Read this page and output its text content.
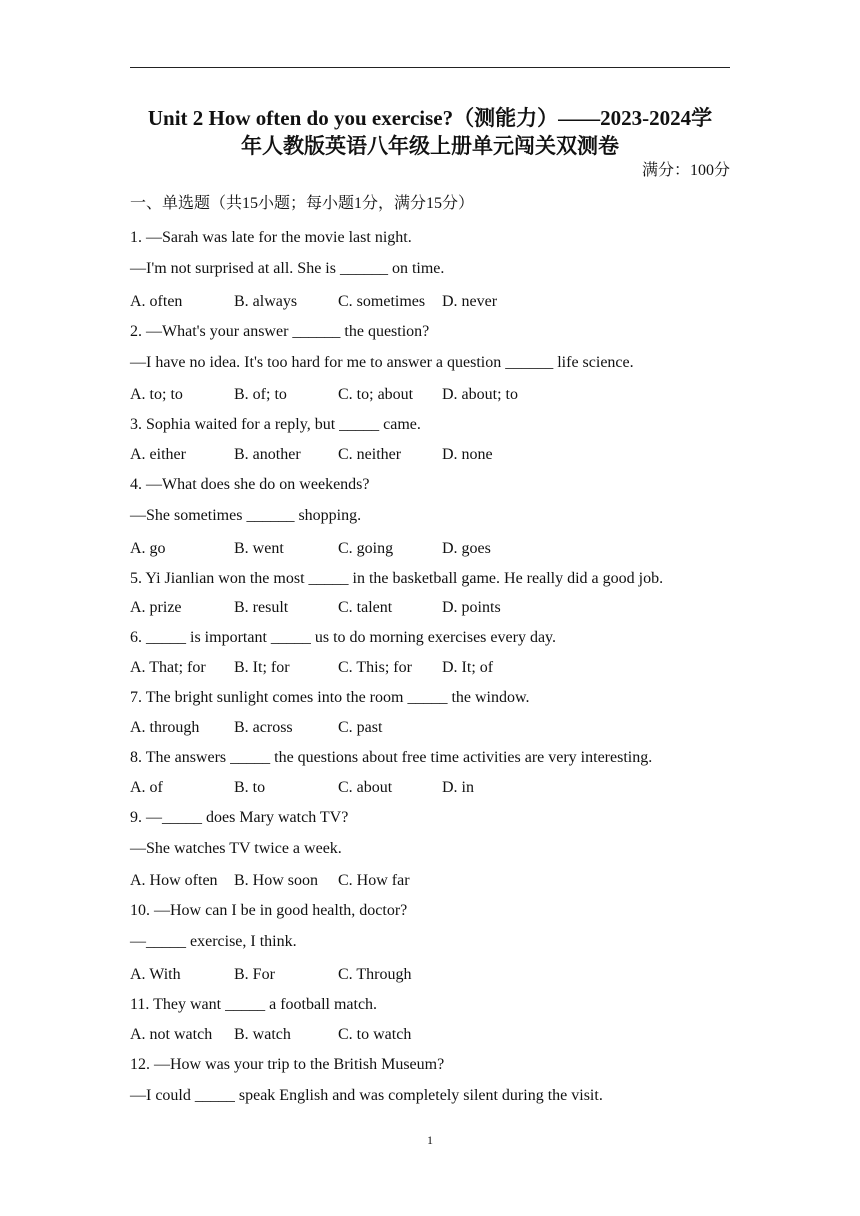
Unit 2 How often do you exercise?（测能力）——2023-2024学
年人教版英语八年级上册单元闯关双测卷
满分：100分
一、单选题（共15小题；每小题1分，满分15分）
1. —Sarah was late for the movie last night.
—I'm not surprised at all. She is ______ on time.
A. often	B. always	C. sometimes D. never
2. —What's your answer ______ the question?
—I have no idea. It's too hard for me to answer a question ______ life science.
A. to; to	B. of; to	C. to; about D. about; to
3. Sophia waited for a reply, but _____ came.
A. either	B. another C. neither	D. none
4. —What does she do on weekends?
—She sometimes ______ shopping.
A. go	B. went	C. going	D. goes
5. Yi Jianlian won the most _____ in the basketball game. He really did a good job.
A. prize	B. result	C. talent	D. points
6. _____ is important _____ us to do morning exercises every day.
A. That; for B. It; for	C. This; for D. It; of
7. The bright sunlight comes into the room _____ the window.
A. through B. across	C. past
8. The answers _____ the questions about free time activities are very interesting.
A. of	B. to	C. about	D. in
9. —_____ does Mary watch TV?
—She watches TV twice a week.
A. How often B. How soon C. How far
10. —How can I be in good health, doctor?
—_____ exercise, I think.
A. With	B. For	C. Through
11. They want _____ a football match.
A. not watch B. watch	C. to watch
12. —How was your trip to the British Museum?
—I could _____ speak English and was completely silent during the visit.
1
